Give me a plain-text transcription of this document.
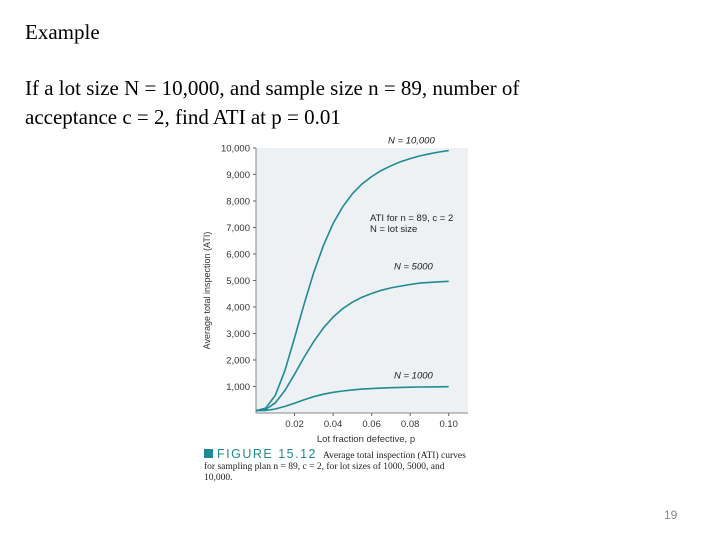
Example

If a lot size N = 10,000, and sample size n = 89, number of
acceptance c = 2, find ATI at p = 0.01

1,000
2,000
3,000
4,000
5,000
6,000
7,000
8,000
9,000
10,000
0.02 0.04 0.06 0.08 0.10
Lot fraction defective, p
Average total inspection (ATI)
N = 10,000
N = 5000
N = 1000
ATI for n = 89, c = 2
N = lot size
FIGURE 15.12 Average total inspection (ATI) curves for sampling plan n = 89, c = 2, for lot sizes of 1000, 5000, and 10,000.
19
